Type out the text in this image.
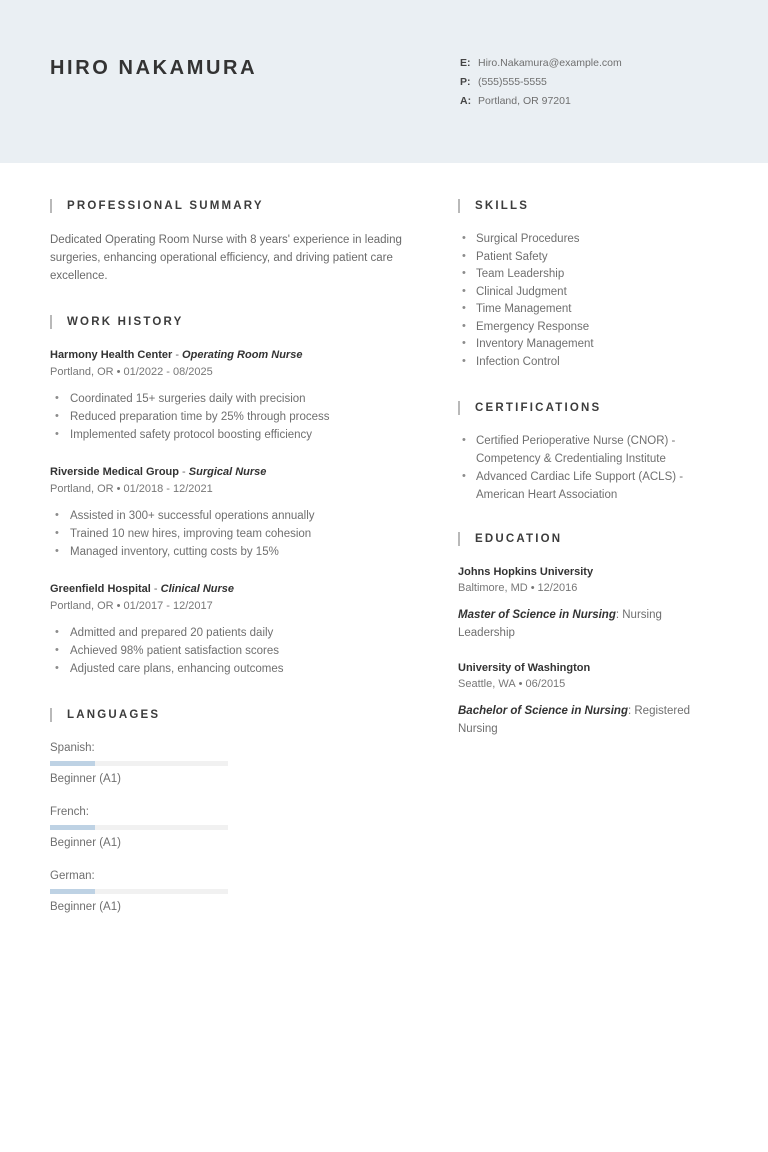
HIRO NAKAMURA	E: Hiro.Nakamura@example.com
P: (555)555-5555
A: Portland, OR 97201
PROFESSIONAL SUMMARY
Dedicated Operating Room Nurse with 8 years' experience in leading surgeries, enhancing operational efficiency, and driving patient care excellence.
WORK HISTORY
Harmony Health Center - Operating Room Nurse
Portland, OR • 01/2022 - 08/2025
• Coordinated 15+ surgeries daily with precision
• Reduced preparation time by 25% through process
• Implemented safety protocol boosting efficiency
Riverside Medical Group - Surgical Nurse
Portland, OR • 01/2018 - 12/2021
• Assisted in 300+ successful operations annually
• Trained 10 new hires, improving team cohesion
• Managed inventory, cutting costs by 15%
Greenfield Hospital - Clinical Nurse
Portland, OR • 01/2017 - 12/2017
• Admitted and prepared 20 patients daily
• Achieved 98% patient satisfaction scores
• Adjusted care plans, enhancing outcomes
LANGUAGES
Spanish:
Beginner (A1)
French:
Beginner (A1)
German:
Beginner (A1)
SKILLS
• Surgical Procedures
• Patient Safety
• Team Leadership
• Clinical Judgment
• Time Management
• Emergency Response
• Inventory Management
• Infection Control
CERTIFICATIONS
• Certified Perioperative Nurse (CNOR) - Competency & Credentialing Institute
• Advanced Cardiac Life Support (ACLS) - American Heart Association
EDUCATION
Johns Hopkins University
Baltimore, MD • 12/2016
Master of Science in Nursing: Nursing Leadership
University of Washington
Seattle, WA • 06/2015
Bachelor of Science in Nursing: Registered Nursing
